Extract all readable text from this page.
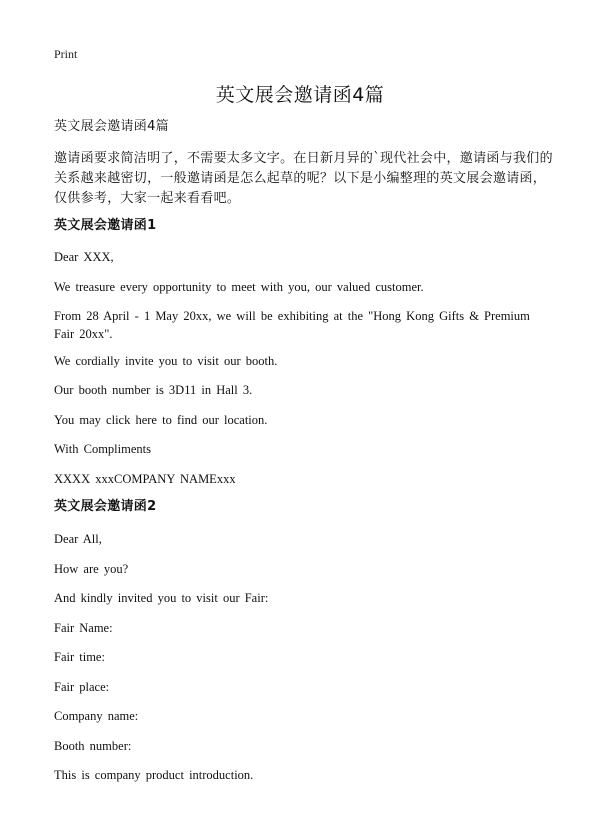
Print
英文展会邀请函4篇
英文展会邀请函4篇
邀请函要求简洁明了，不需要太多文字。在日新月异的`现代社会中，邀请函与我们的关系越来越密切，一般邀请函是怎么起草的呢？以下是小编整理的英文展会邀请函，仅供参考，大家一起来看看吧。
英文展会邀请函1
Dear XXX,
We treasure every opportunity to meet with you, our valued customer.
From 28 April - 1 May 20xx, we will be exhibiting at the "Hong Kong Gifts & Premium Fair 20xx".
We cordially invite you to visit our booth.
Our booth number is 3D11 in Hall 3.
You may click here to find our location.
With Compliments
XXXX xxxCOMPANY NAMExxx
英文展会邀请函2
Dear All,
How are you?
And kindly invited you to visit our Fair:
Fair Name:
Fair time:
Fair place:
Company name:
Booth number:
This is company product introduction.
